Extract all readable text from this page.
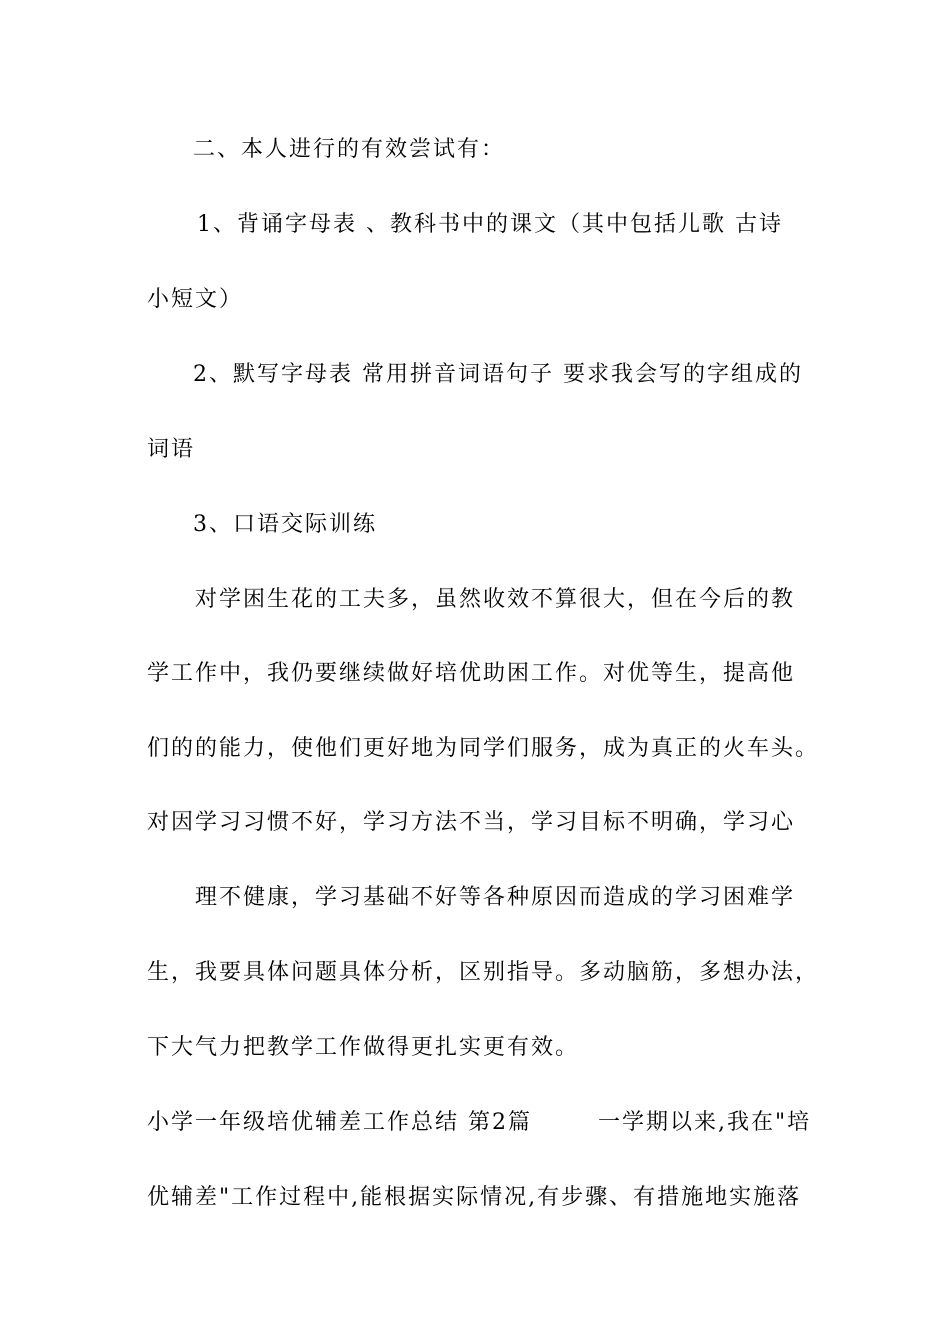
二、本人进行的有效尝试有：
1、背诵字母表 、教科书中的课文（其中包括儿歌 古诗
小短文）
2、默写字母表 常用拼音词语句子 要求我会写的字组成的
词语
3、口语交际训练
对学困生花的工夫多，虽然收效不算很大，但在今后的教
学工作中，我仍要继续做好培优助困工作。对优等生，提高他
们的的能力，使他们更好地为同学们服务，成为真正的火车头。
对因学习习惯不好，学习方法不当，学习目标不明确，学习心
理不健康，学习基础不好等各种原因而造成的学习困难学
生，我要具体问题具体分析，区别指导。多动脑筋，多想办法，
下大气力把教学工作做得更扎实更有效。
小学一年级培优辅差工作总结 第2篇  　　一学期以来,我在"培
优辅差"工作过程中,能根据实际情况,有步骤、有措施地实施落
